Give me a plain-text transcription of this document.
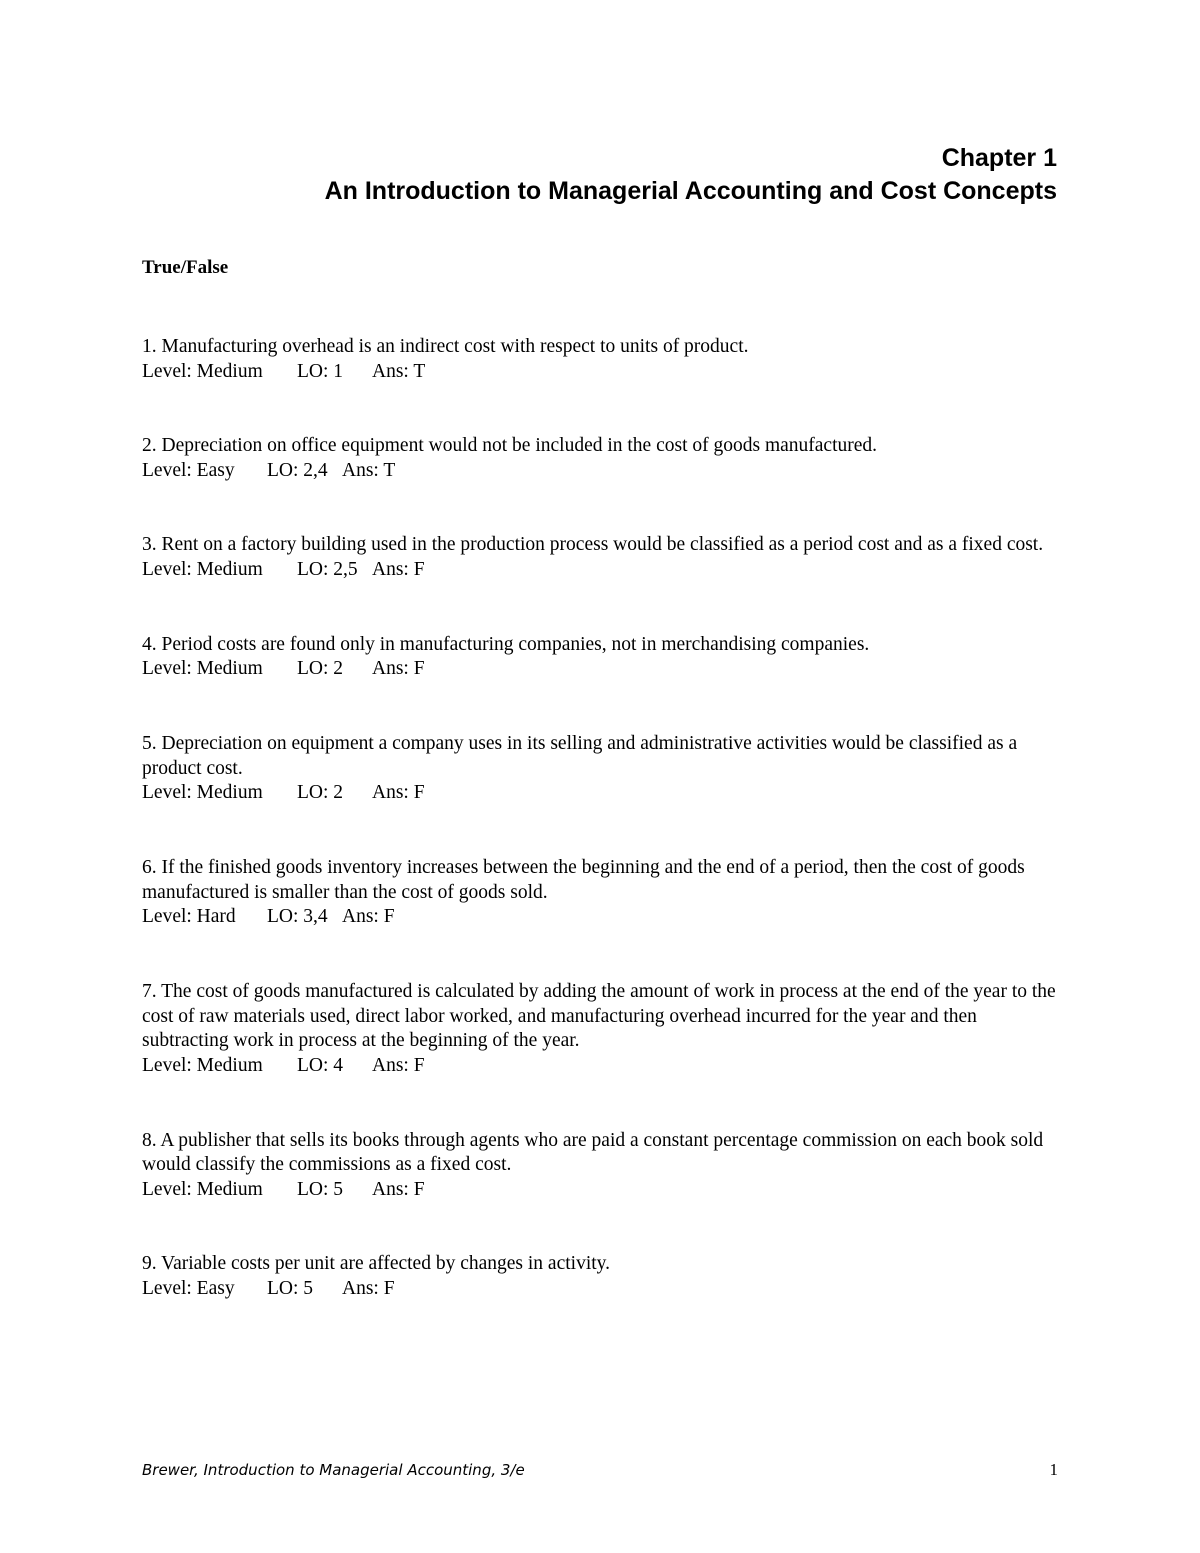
Chapter 1
An Introduction to Managerial Accounting and Cost Concepts
True/False

1. Manufacturing overhead is an indirect cost with respect to units of product.

Level: Medium LO: 1 Ans: T

2. Depreciation on office equipment would not be included in the cost of goods manufactured.

Level: Easy LO: 2,4 Ans: T

3. Rent on a factory building used in the production process would be classified as a period cost and as a fixed cost.

Level: Medium LO: 2,5 Ans: F

4. Period costs are found only in manufacturing companies, not in merchandising companies.

Level: Medium LO: 2 Ans: F

5. Depreciation on equipment a company uses in its selling and administrative activities would be classified as a product cost.

Level: Medium LO: 2 Ans: F

6. If the finished goods inventory increases between the beginning and the end of a period, then the cost of goods manufactured is smaller than the cost of goods sold.

Level: Hard LO: 3,4 Ans: F

7. The cost of goods manufactured is calculated by adding the amount of work in process at the end of the year to the cost of raw materials used, direct labor worked, and manufacturing overhead incurred for the year and then subtracting work in process at the beginning of the year.

Level: Medium LO: 4 Ans: F

8. A publisher that sells its books through agents who are paid a constant percentage commission on each book sold would classify the commissions as a fixed cost.

Level: Medium LO: 5 Ans: F

9. Variable costs per unit are affected by changes in activity.

Level: Easy LO: 5 Ans: F

Brewer, Introduction to Managerial Accounting, 3/e	1
